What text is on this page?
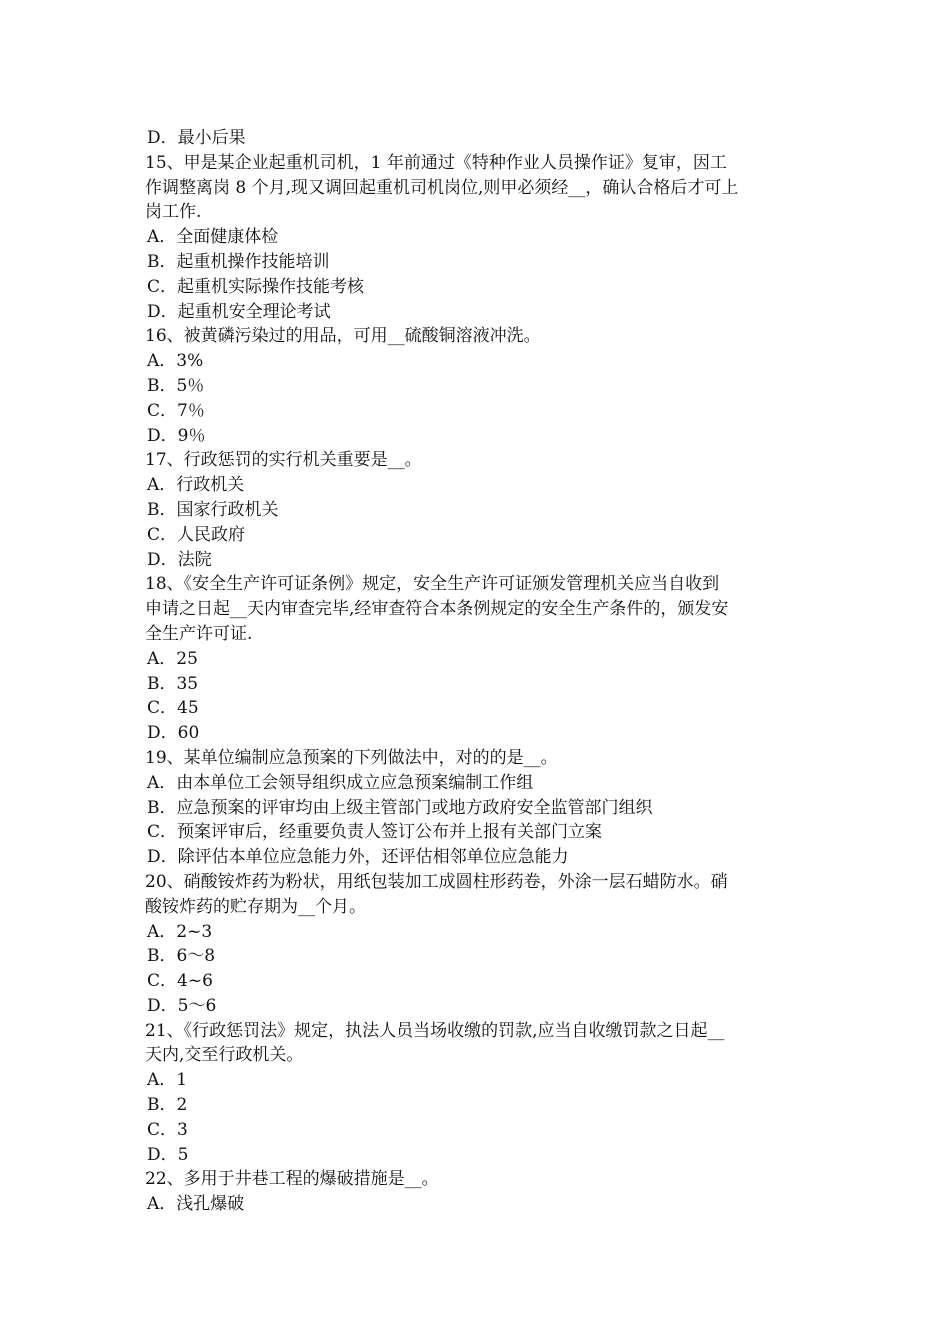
D．最小后果
15、甲是某企业起重机司机，1 年前通过《特种作业人员操作证》复审，因工
作调整离岗 8 个月,现又调回起重机司机岗位,则甲必须经__，确认合格后才可上
岗工作.
A．全面健康体检
B．起重机操作技能培训
C．起重机实际操作技能考核
D．起重机安全理论考试
16、被黄磷污染过的用品，可用__硫酸铜溶液冲洗。
A．3%
B．5％
C．7％
D．9％
17、行政惩罚的实行机关重要是__。
A．行政机关
B．国家行政机关
C．人民政府
D．法院
18、《安全生产许可证条例》规定，安全生产许可证颁发管理机关应当自收到
申请之日起__天内审查完毕,经审查符合本条例规定的安全生产条件的，颁发安
全生产许可证.
A．25
B．35
C．45
D．60
19、某单位编制应急预案的下列做法中，对的的是__。
A．由本单位工会领导组织成立应急预案编制工作组
B．应急预案的评审均由上级主管部门或地方政府安全监管部门组织
C．预案评审后，经重要负责人签订公布并上报有关部门立案
D．除评估本单位应急能力外，还评估相邻单位应急能力
20、硝酸铵炸药为粉状，用纸包装加工成圆柱形药卷，外涂一层石蜡防水。硝
酸铵炸药的贮存期为__个月。
A．2~3
B．6～8
C．4~6
D．5～6
21、《行政惩罚法》规定，执法人员当场收缴的罚款,应当自收缴罚款之日起__
天内,交至行政机关。
A．1
B．2
C．3
D．5
22、多用于井巷工程的爆破措施是__。
A．浅孔爆破
